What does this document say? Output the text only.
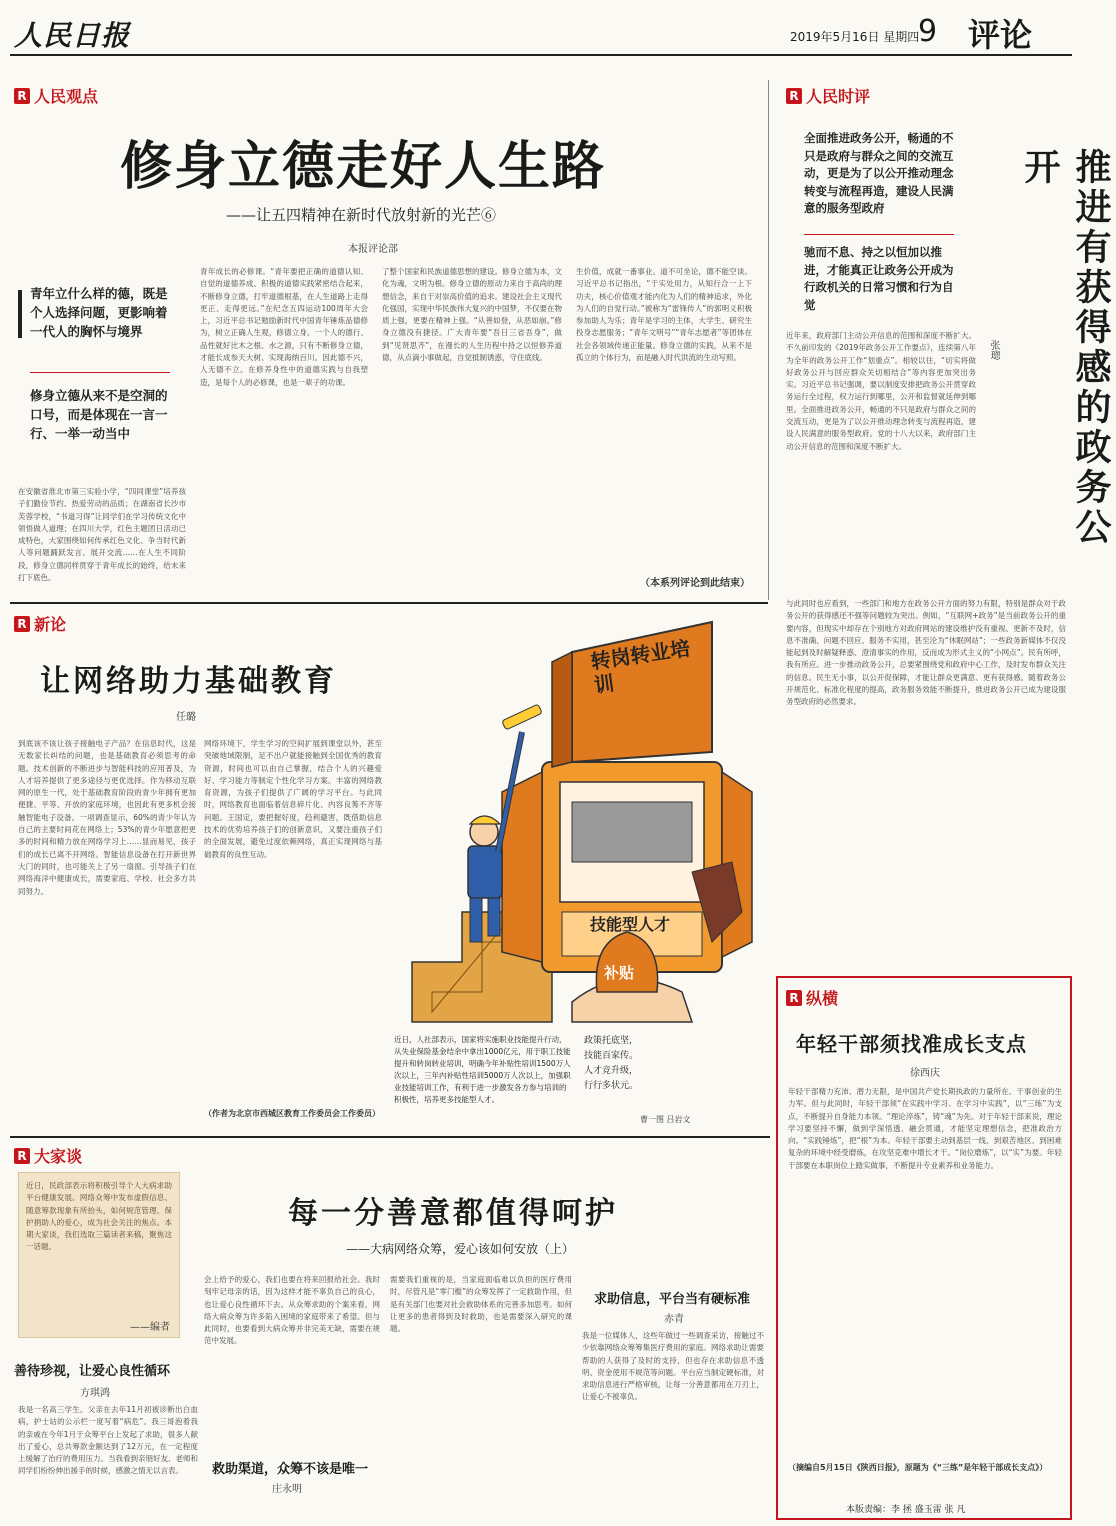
人民日报	2019年5月16日 星期四
9 评论
R 人民观点
修身立德走好人生路
——让五四精神在新时代放射新的光芒⑥
本报评论部
青年立什么样的德，既是个人选择问题，更影响着一代人的胸怀与境界
修身立德从来不是空洞的口号，而是体现在一言一行、一举一动当中
在安徽省淮北市第三实验小学，“四同课堂”培养孩子们勤俭节约、热爱劳动的品质；在湖南省长沙市芙蓉学校，“书道习得”让同学们在学习传统文化中领悟做人道理；在四川大学，红色主题团日活动已成特色，大家围绕如何传承红色文化、争当时代新人等问题踊跃发言、展开交流……在人生不同阶段，修身立德同样贯穿于青年成长的始终，给未来打下底色。
青年成长的必修课。“青年要把正确的道德认知、自觉的道德养成、积极的道德实践紧密结合起来，不断修身立德，打牢道德根基，在人生道路上走得更正、走得更远。”在纪念五四运动100周年大会上，习近平总书记勉励新时代中国青年锤炼品德修为，树立正确人生观，修德立身。一个人的德行、品性就好比木之根、水之源，只有不断修身立德，才能长成参天大树、实现海纳百川。因此德不兴，人无德不立。在修养身性中的道德实践与自我塑造，是每个人的必修课，也是一辈子的功课。
了整个国家和民族道德思想的建设。修身立德为本，文化为魂，文明为根。修身立德的原动力来自于高尚的理想信念，来自于对崇高价值的追求。建设社会主义现代化强国，实现中华民族伟大复兴的中国梦，不仅要在物质上强，更要在精神上强。“从善如登，从恶如崩。”修身立德没有捷径。广大青年要“吾日三省吾身”，做到“见贤思齐”，在漫长的人生历程中持之以恒修养道德，从点滴小事做起，自觉抵制诱惑，守住底线。
生价值，成就一番事业。道不可坐论，德不能空谈。习近平总书记指出，“于实处用力，从知行合一上下功夫，核心价值观才能内化为人们的精神追求，外化为人们的自觉行动。”被称为“雷锋传人”的郭明义积极参加助人为乐；青年是学习的主体，大学生、研究生投身志愿服务；“青年文明号”“青年志愿者”等团体在社会各领域传递正能量。修身立德的实践，从来不是孤立的个体行为，而是融入时代洪流的生动写照。
（本系列评论到此结束）
R 人民时评
全面推进政务公开，畅通的不只是政府与群众之间的交流互动，更是为了以公开推动理念转变与流程再造，建设人民满意的服务型政府
驰而不息、持之以恒加以推进，才能真正让政务公开成为行政机关的日常习惯和行为自觉	推进有获得感的政务公开
张璁
近年来，政府部门主动公开信息的范围和深度不断扩大。不久前印发的《2019年政务公开工作要点》，连续第八年为全年的政务公开工作“划重点”。相较以往，“切实将做好政务公开与回应群众关切相结合”等内容更加突出务实。习近平总书记强调，要以制度安排把政务公开贯穿政务运行全过程，权力运行到哪里，公开和监督就延伸到哪里。全面推进政务公开，畅通的不只是政府与群众之间的交流互动，更是为了以公开推动理念转变与流程再造，建设人民满意的服务型政府。党的十八大以来，政府部门主动公开信息的范围和深度不断扩大。
与此同时也应看到，一些部门和地方在政务公开方面的努力有限，特别是群众对于政务公开的获得感还不强等问题较为突出。例如，“互联网+政务”是当前政务公开的重要内容，但现实中却存在个别地方对政府网站的建设维护没有重视、更新不及时，信息不准确、问题不回应、服务不实用，甚至沦为“休眠网站”；一些政务新媒体不仅没能起到及时解疑释惑、澄清事实的作用，反而成为形式主义的“小网点”。民有所呼，我有所应。进一步推动政务公开，总要紧围绕党和政府中心工作，及时发布群众关注的信息。民生无小事，以公开促保障，才能让群众更满意、更有获得感。随着政务公开规范化、标准化程度的提高，政务服务效能不断提升，推进政务公开已成为建设服务型政府的必然要求。
R 新论
让网络助力基础教育
任璐
到底该不该让孩子接触电子产品？在信息时代，这是无数家长纠结的问题，也是基础教育必须思考的命题。技术创新的不断进步与智能科技的应用普及，为人才培养提供了更多途径与更优选择。作为移动互联网的原生一代，处于基础教育阶段的青少年拥有更加便捷、平等、开放的家庭环境，也因此有更多机会接触智能电子设备。一项调查显示，60%的青少年认为自己的主要时间花在网络上；53%的青少年愿意把更多的时间和精力放在网络学习上……显而易见，孩子们的成长已离不开网络。智能信息设备在打开新世界大门的同时，也可能关上了另一扇窗。引导孩子们在网络海洋中健康成长，需要家庭、学校、社会多方共同努力。
网络环境下，学生学习的空间扩展到课堂以外，甚至突破地域限制，足不出户就能接触到全国优秀的教育资源，时间也可以由自己掌握，结合个人的兴趣爱好、学习能力等制定个性化学习方案。丰富的网络教育资源，为孩子们提供了广阔的学习平台。与此同时，网络教育也面临着信息碎片化、内容良莠不齐等问题。王国定，要把握好度，趋利避害，既借助信息技术的优势培养孩子们的创新意识，又要注重孩子们的全面发展，避免过度依赖网络，真正实现网络与基础教育的良性互动。
（作者为北京市西城区教育工作委员会工作委员）
转岗转业培训
技能型人才
补贴
近日，人社部表示，国家将实施职业技能提升行动，从失业保险基金结余中拿出1000亿元，用于职工技能提升和转岗转业培训，明确今年补贴性培训1500万人次以上，三年内补贴性培训5000万人次以上，加强职业技能培训工作，有利于进一步激发各方参与培训的积极性，培养更多技能型人才。
政策托底坚，技能百家传。人才竞升级，行行多状元。
曹一图 吕岩文
R 大家谈
近日，民政部表示将积极引导个人大病求助平台健康发展。网络众筹中发布虚假信息、随意筹款现象有所抬头，如何规范管理、保护捐助人的爱心，成为社会关注的焦点。本期大家谈，我们选取三篇读者来稿，聚焦这一话题。
——编者
每一分善意都值得呵护
——大病网络众筹，爱心该如何安放（上）
善待珍视，让爱心良性循环
方琪鸿
我是一名高三学生。父亲在去年11月初被诊断出白血病，护士站的公示栏一度写着“病危”。我三哥泡着我的亲戚在今年1月于众筹平台上发起了求助，很多人献出了爱心，总共筹款金额达到了12万元，在一定程度上缓解了治疗的费用压力。当我看到亲朋好友、老师和同学们纷纷伸出援手的时候，感激之情无以言表。
会上给予的爱心，我们也要在将来回报给社会。我时刻牢记母亲的话，因为这样才能不辜负自己的良心，也让爱心良性循环下去。从众筹求助的个案来看，网络大病众筹为许多陷入困境的家庭带来了希望。但与此同时，也要看到大病众筹并非完美无缺，需要在规范中发展。
救助渠道，众筹不该是唯一
庄永明
需要我们重视的是，当家庭面临难以负担的医疗费用时，尽管凡是“零门槛”的众筹发挥了一定救助作用，但是有关部门也要对社会救助体系的完善多加思考。如何让更多的患者得到及时救助，也是需要深入研究的课题。
求助信息，平台当有硬标准
赤青
我是一位媒体人，这些年做过一些调查采访，接触过不少依靠网络众筹筹集医疗费用的家庭。网络求助让需要帮助的人获得了及时的支持，但也存在求助信息不透明、资金使用不规范等问题。平台应当制定硬标准，对求助信息进行严格审核，让每一分善意都用在刀刃上，让爱心不被辜负。
R 纵横
年轻干部须找准成长支点
徐西庆
年轻干部精力充沛、潜力无限，是中国共产党长期执政的力量所在、干事创业的生力军。但与此同时，年轻干部须“在实践中学习、在学习中实践”，以“三练”为支点，不断提升自身能力本领。“理论淬炼”，铸“魂”为先。对于年轻干部来说，理论学习要坚持不懈，做到学深悟透、融会贯通，才能坚定理想信念，把准政治方向。“实践锤炼”，把“根”为本。年轻干部要主动到基层一线、到艰苦地区、到困难复杂的环境中经受磨炼，在攻坚克难中增长才干。“岗位磨炼”，以“实”为要。年轻干部要在本职岗位上踏实做事，不断提升专业素养和业务能力。
（摘编自5月15日《陕西日报》，原题为《“三练”是年轻干部成长支点》）
本版责编：李 拯 盛玉雷 张 凡
